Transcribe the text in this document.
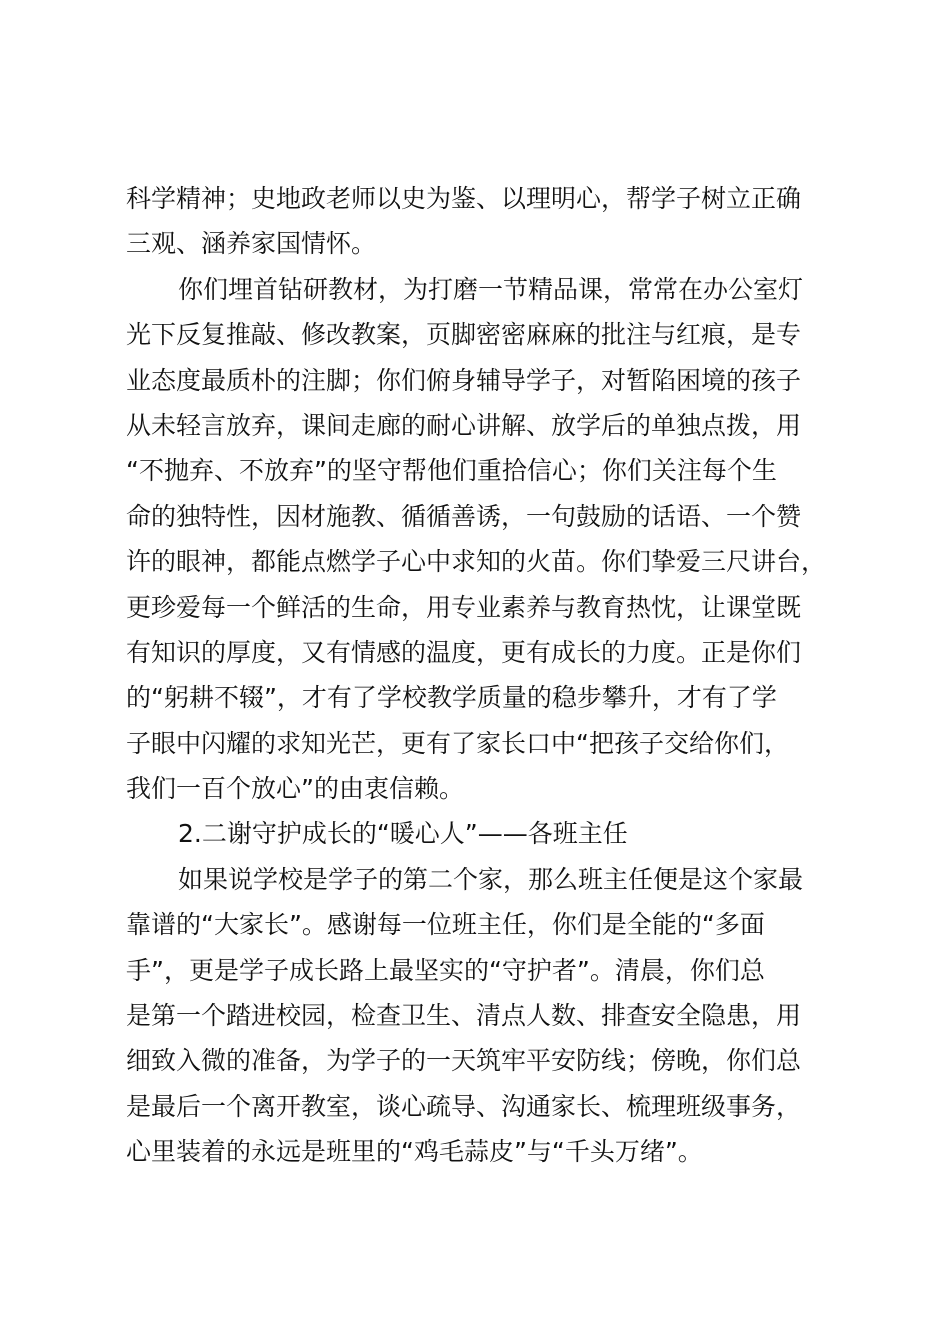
科学精神；史地政老师以史为鉴、以理明心，帮学子树立正确
三观、涵养家国情怀。
你们埋首钻研教材，为打磨一节精品课，常常在办公室灯
光下反复推敲、修改教案，页脚密密麻麻的批注与红痕，是专
业态度最质朴的注脚；你们俯身辅导学子，对暂陷困境的孩子
从未轻言放弃，课间走廊的耐心讲解、放学后的单独点拨，用
“不抛弃、不放弃”的坚守帮他们重拾信心；你们关注每个生
命的独特性，因材施教、循循善诱，一句鼓励的话语、一个赞
许的眼神，都能点燃学子心中求知的火苗。你们挚爱三尺讲台，
更珍爱每一个鲜活的生命，用专业素养与教育热忱，让课堂既
有知识的厚度，又有情感的温度，更有成长的力度。正是你们
的“躬耕不辍”，才有了学校教学质量的稳步攀升，才有了学
子眼中闪耀的求知光芒，更有了家长口中“把孩子交给你们，
我们一百个放心”的由衷信赖。
2.二谢守护成长的“暖心人”——各班主任
如果说学校是学子的第二个家，那么班主任便是这个家最
靠谱的“大家长”。感谢每一位班主任，你们是全能的“多面
手”，更是学子成长路上最坚实的“守护者”。清晨，你们总
是第一个踏进校园，检查卫生、清点人数、排查安全隐患，用
细致入微的准备，为学子的一天筑牢平安防线；傍晚，你们总
是最后一个离开教室，谈心疏导、沟通家长、梳理班级事务，
心里装着的永远是班里的“鸡毛蒜皮”与“千头万绪”。
